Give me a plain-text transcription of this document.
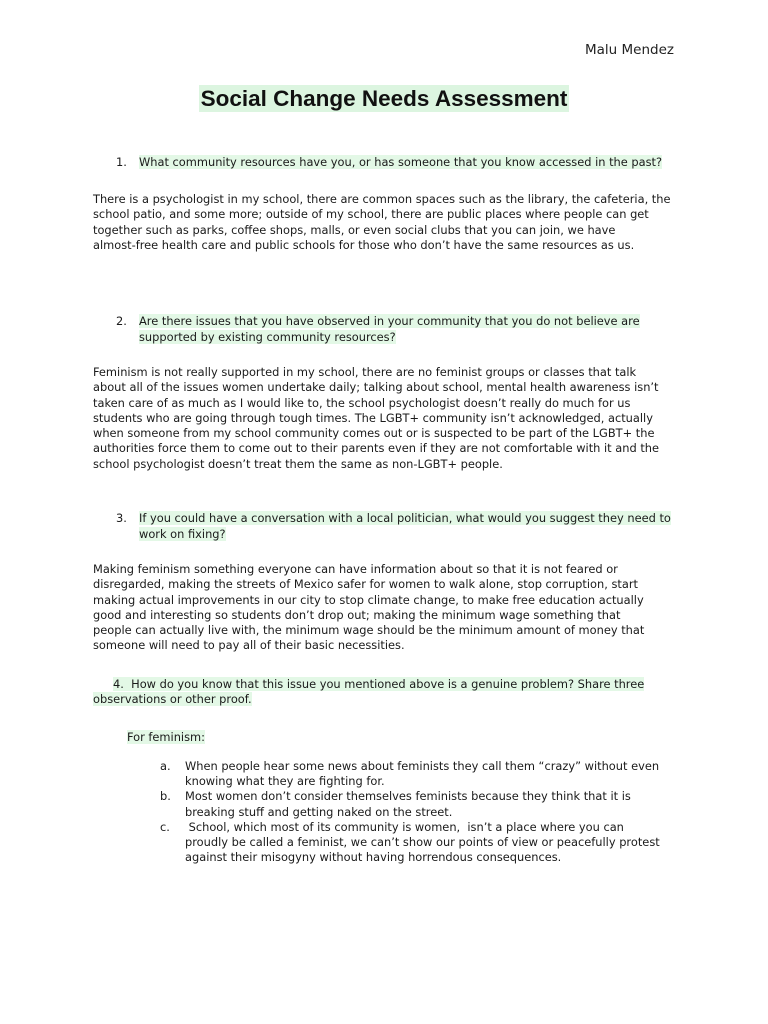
Malu Mendez
Social Change Needs Assessment
1. What community resources have you, or has someone that you know accessed in the past?

There is a psychologist in my school, there are common spaces such as the library, the cafeteria, the

school patio, and some more; outside of my school, there are public places where people can get

together such as parks, coffee shops, malls, or even social clubs that you can join, we have

almost-free health care and public schools for those who don’t have the same resources as us.

2. Are there issues that you have observed in your community that you do not believe are supported by existing community resources?

Feminism is not really supported in my school, there are no feminist groups or classes that talk

about all of the issues women undertake daily; talking about school, mental health awareness isn’t

taken care of as much as I would like to, the school psychologist doesn’t really do much for us

students who are going through tough times. The LGBT+ community isn’t acknowledged, actually

when someone from my school community comes out or is suspected to be part of the LGBT+ the

authorities force them to come out to their parents even if they are not comfortable with it and the

school psychologist doesn’t treat them the same as non-LGBT+ people.

3. If you could have a conversation with a local politician, what would you suggest they need to work on fixing?

Making feminism something everyone can have information about so that it is not feared or

disregarded, making the streets of Mexico safer for women to walk alone, stop corruption, start

making actual improvements in our city to stop climate change, to make free education actually

good and interesting so students don’t drop out; making the minimum wage something that

people can actually live with, the minimum wage should be the minimum amount of money that

someone will need to pay all of their basic necessities.

4. How do you know that this issue you mentioned above is a genuine problem? Share three

observations or other proof.

For feminism:
a. When people hear some news about feminists they call them “crazy” without even

knowing what they are fighting for.

b. Most women don’t consider themselves feminists because they think that it is

breaking stuff and getting naked on the street.

c. School, which most of its community is women,  isn’t a place where you can

proudly be called a feminist, we can’t show our points of view or peacefully protest

against their misogyny without having horrendous consequences.
